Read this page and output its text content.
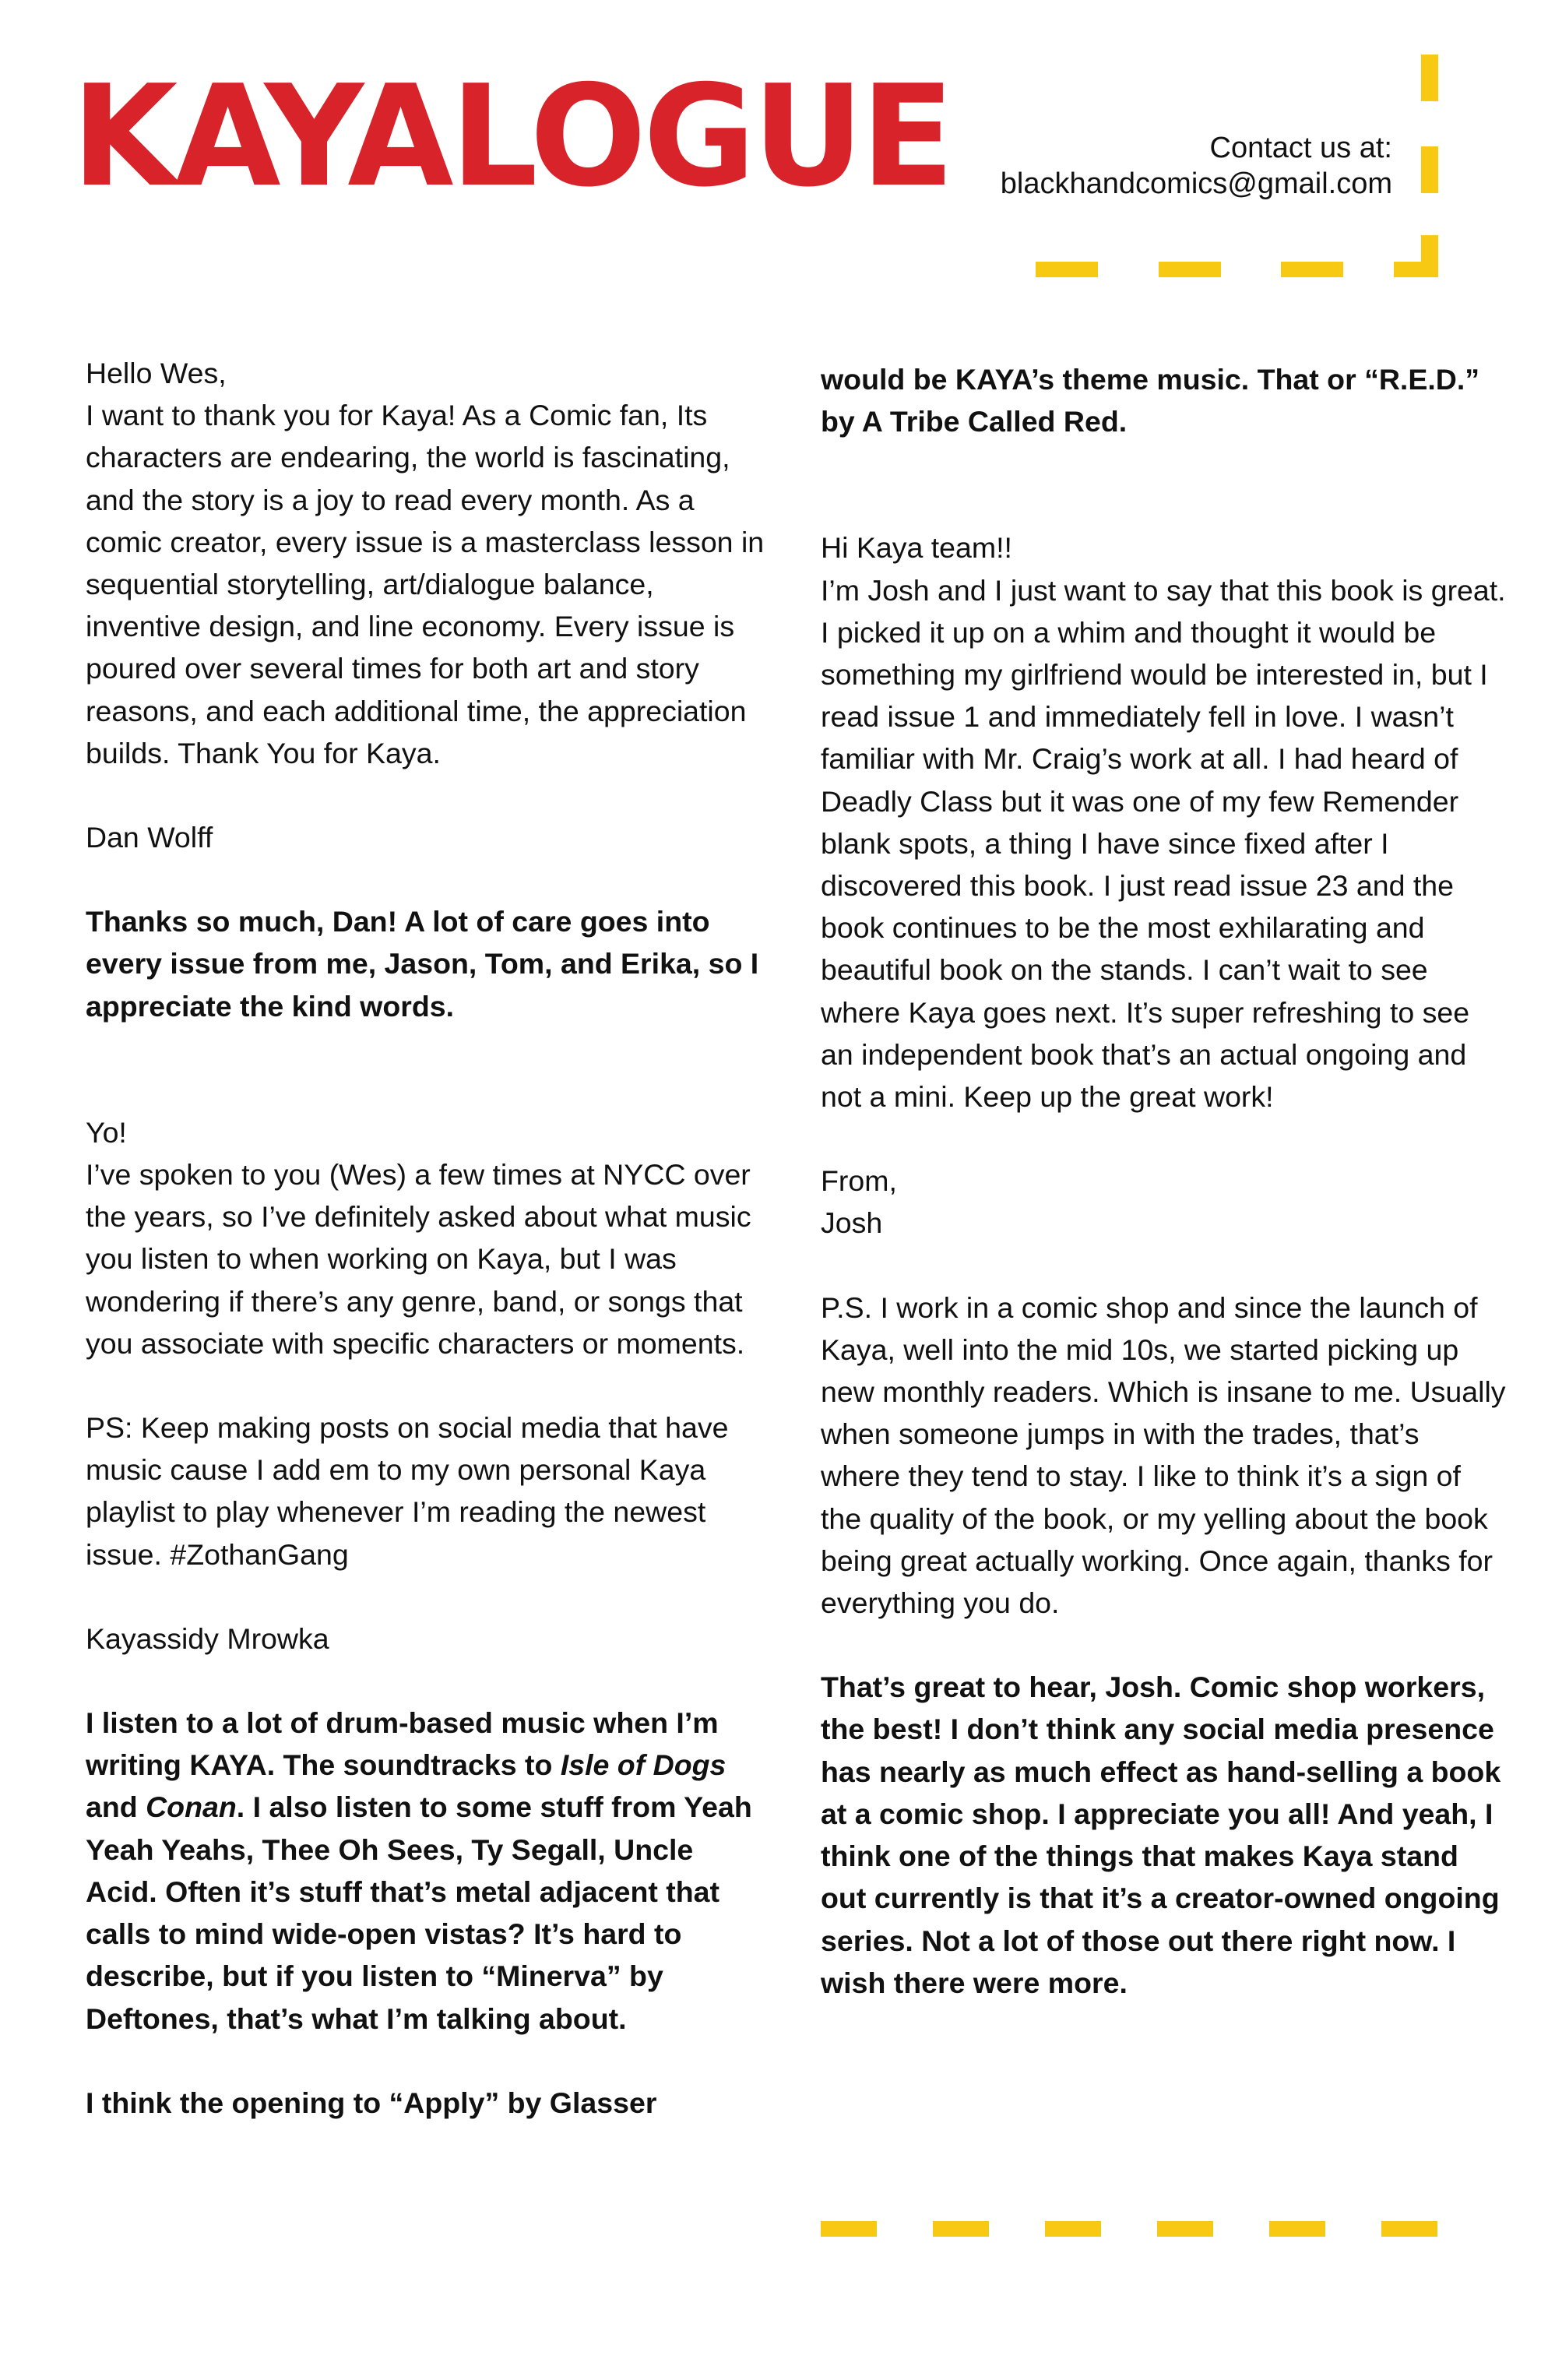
KAYALOGUE	Contact us at:
blackhandcomics@gmail.com

Hello Wes,

I want to thank you for Kaya! As a Comic fan, Its characters are endearing, the world is fascinating, and the story is a joy to read every month. As a comic creator, every issue is a masterclass lesson in sequential storytelling, art/dialogue balance, inventive design, and line economy. Every issue is poured over several times for both art and story reasons, and each additional time, the appreciation builds. Thank You for Kaya.

Dan Wolff

Thanks so much, Dan! A lot of care goes into every issue from me, Jason, Tom, and Erika, so I appreciate the kind words.

Yo!

I’ve spoken to you (Wes) a few times at NYCC over the years, so I’ve definitely asked about what music you listen to when working on Kaya, but I was wondering if there’s any genre, band, or songs that you associate with specific characters or moments.

PS: Keep making posts on social media that have music cause I add em to my own personal Kaya playlist to play whenever I’m reading the newest issue. #ZothanGang

Kayassidy Mrowka

I listen to a lot of drum-based music when I’m writing KAYA. The soundtracks to Isle of Dogs and Conan. I also listen to some stuff from Yeah Yeah Yeahs, Thee Oh Sees, Ty Segall, Uncle Acid. Often it’s stuff that’s metal adjacent that calls to mind wide-open vistas? It’s hard to describe, but if you listen to “Minerva” by Deftones, that’s what I’m talking about.

I think the opening to “Apply” by Glasser

would be KAYA’s theme music. That or “R.E.D.” by A Tribe Called Red.

Hi Kaya team!!

I’m Josh and I just want to say that this book is great. I picked it up on a whim and thought it would be something my girlfriend would be interested in, but I read issue 1 and immediately fell in love. I wasn’t familiar with Mr. Craig’s work at all. I had heard of Deadly Class but it was one of my few Remender blank spots, a thing I have since fixed after I discovered this book. I just read issue 23 and the book continues to be the most exhilarating and beautiful book on the stands. I can’t wait to see where Kaya goes next. It’s super refreshing to see an independent book that’s an actual ongoing and not a mini. Keep up the great work!

From,

Josh

P.S. I work in a comic shop and since the launch of Kaya, well into the mid 10s, we started picking up new monthly readers. Which is insane to me. Usually when someone jumps in with the trades, that’s where they tend to stay. I like to think it’s a sign of the quality of the book, or my yelling about the book being great actually working. Once again, thanks for everything you do.

That’s great to hear, Josh. Comic shop workers, the best! I don’t think any social media presence has nearly as much effect as hand-selling a book at a comic shop. I appreciate you all! And yeah, I think one of the things that makes Kaya stand out currently is that it’s a creator-owned ongoing series. Not a lot of those out there right now. I wish there were more.
